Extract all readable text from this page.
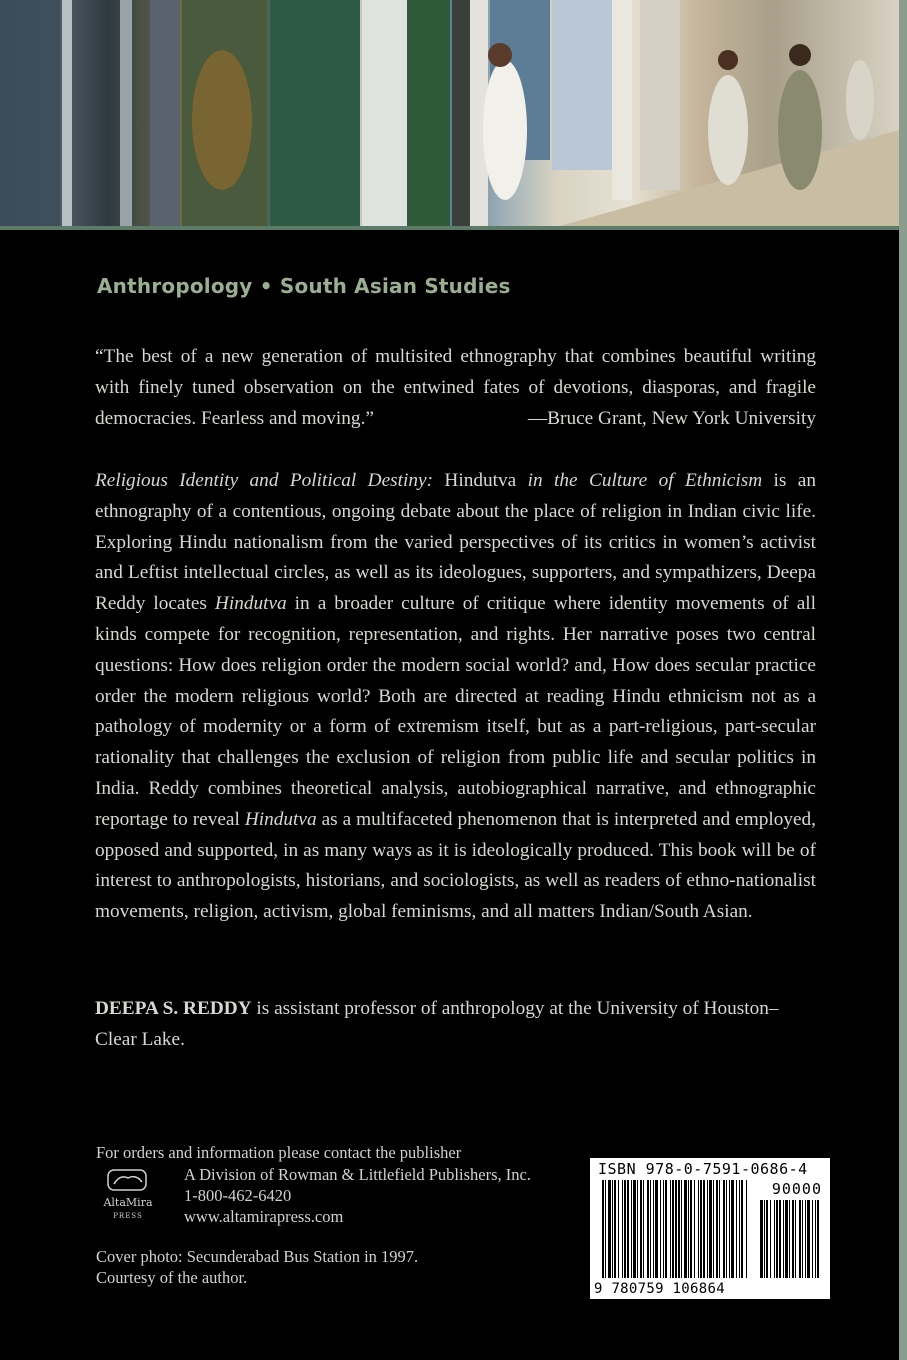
Anthropology • South Asian Studies
“The best of a new generation of multisited ethnography that combines beautiful writing with finely tuned observation on the entwined fates of devotions, diasporas, and fragile democracies. Fearless and moving.”	—Bruce Grant, New York University
Religious Identity and Political Destiny: Hindutva in the Culture of Ethnicism is an ethnography of a contentious, ongoing debate about the place of religion in Indian civic life. Exploring Hindu nationalism from the varied perspectives of its critics in women’s activist and Leftist intellectual circles, as well as its ideologues, supporters, and sympathizers, Deepa Reddy locates Hindutva in a broader culture of critique where identity movements of all kinds compete for recognition, representation, and rights. Her narrative poses two central questions: How does religion order the modern social world? and, How does secular practice order the modern religious world? Both are directed at reading Hindu ethnicism not as a pathology of modernity or a form of extremism itself, but as a part-religious, part-secular rationality that challenges the exclusion of religion from public life and secular politics in India. Reddy combines theoretical analysis, autobiographical narrative, and ethnographic reportage to reveal Hindutva as a multifaceted phenomenon that is interpreted and employed, opposed and supported, in as many ways as it is ideologically produced. This book will be of interest to anthropologists, historians, and sociologists, as well as readers of ethno-nationalist movements, religion, activism, global feminisms, and all matters Indian/South Asian.
DEEPA S. REDDY is assistant professor of anthropology at the University of Houston–Clear Lake.
For orders and information please contact the publisher
AltaMira
PRESS
A Division of Rowman & Littlefield Publishers, Inc.
1-800-462-6420
www.altamirapress.com
Cover photo: Secunderabad Bus Station in 1997.
Courtesy of the author.
ISBN 978-0-7591-0686-4
90000
9 780759 106864
